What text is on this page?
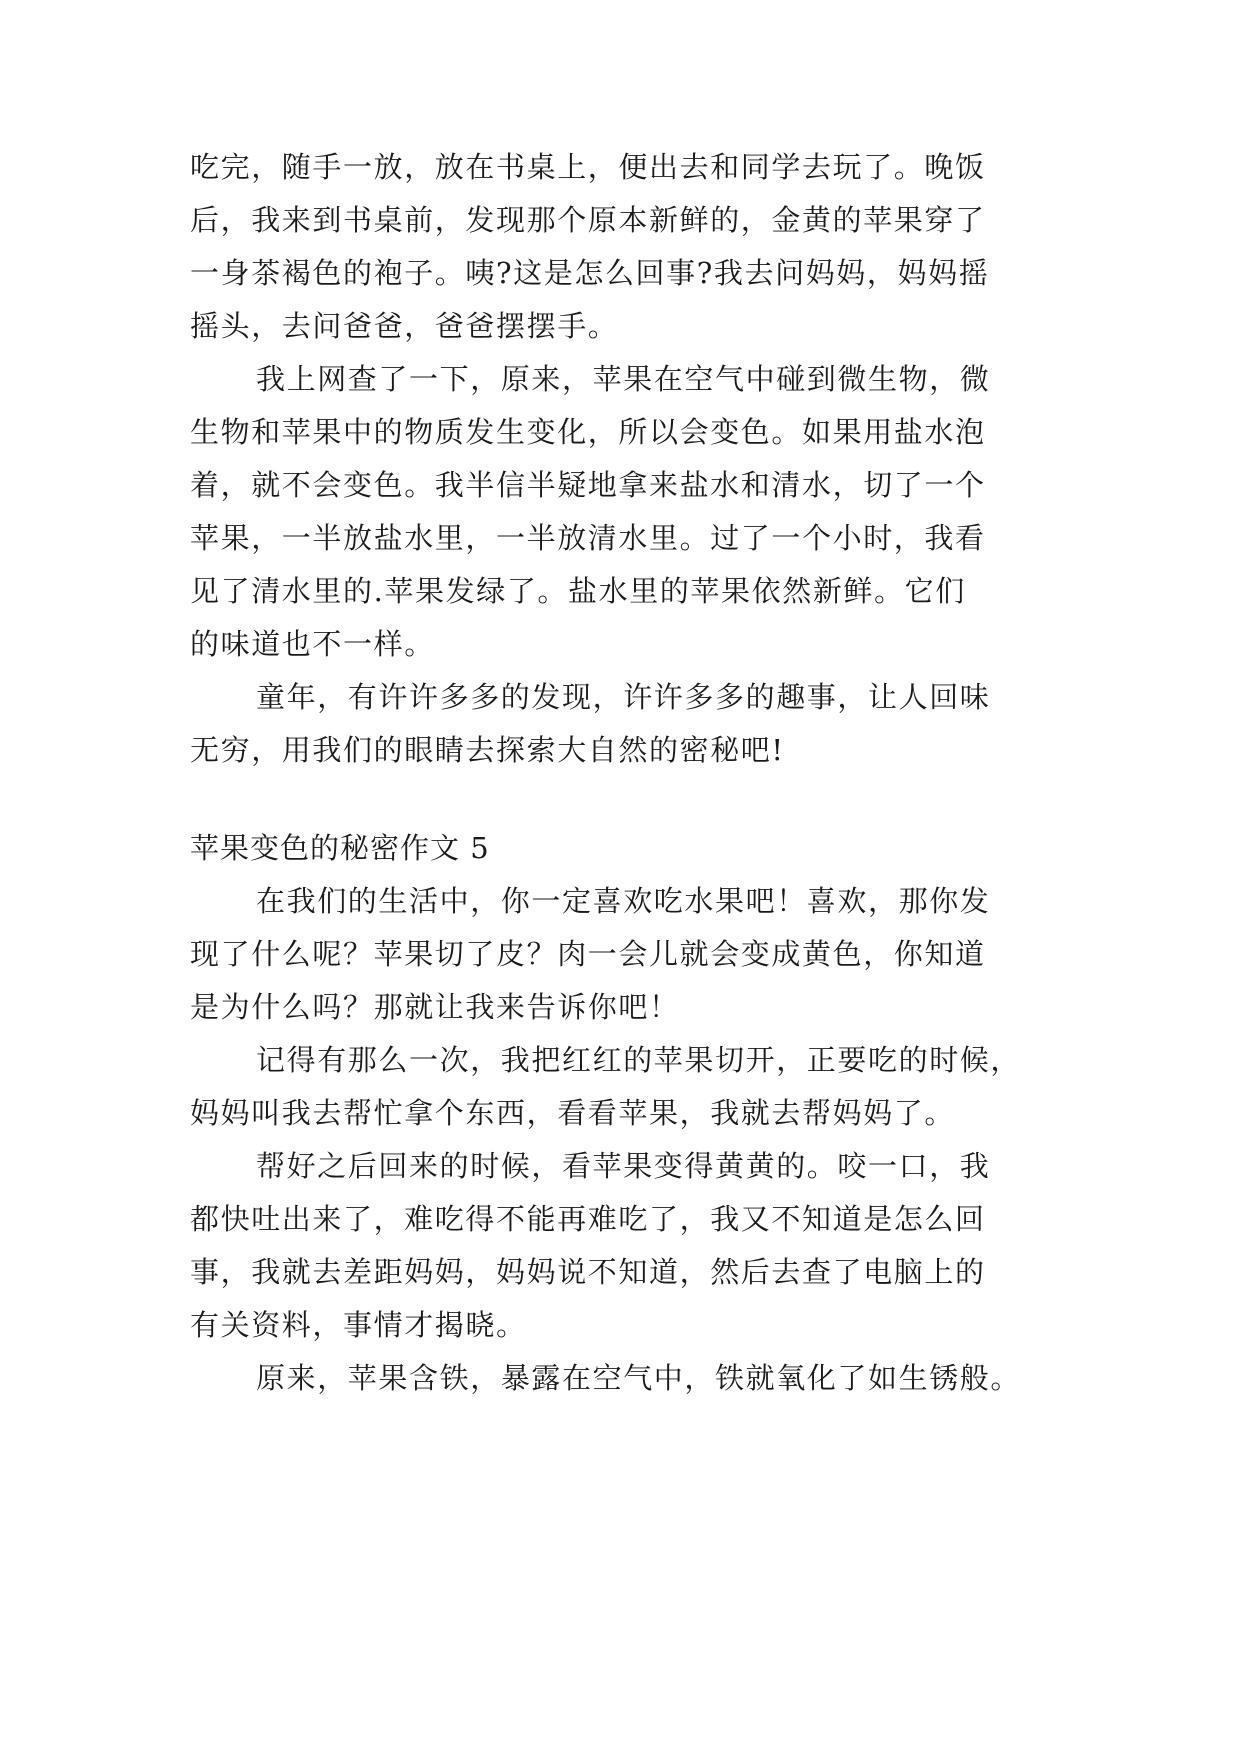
吃完，随手一放，放在书桌上，便出去和同学去玩了。晚饭
后，我来到书桌前，发现那个原本新鲜的，金黄的苹果穿了
一身茶褐色的袍子。咦?这是怎么回事?我去问妈妈，妈妈摇
摇头，去问爸爸，爸爸摆摆手。
我上网查了一下，原来，苹果在空气中碰到微生物，微
生物和苹果中的物质发生变化，所以会变色。如果用盐水泡
着，就不会变色。我半信半疑地拿来盐水和清水，切了一个
苹果，一半放盐水里，一半放清水里。过了一个小时，我看
见了清水里的.苹果发绿了。盐水里的苹果依然新鲜。它们
的味道也不一样。
童年，有许许多多的发现，许许多多的趣事，让人回味
无穷，用我们的眼睛去探索大自然的密秘吧!
苹果变色的秘密作文 5
在我们的生活中，你一定喜欢吃水果吧！喜欢，那你发
现了什么呢？苹果切了皮？肉一会儿就会变成黄色，你知道
是为什么吗？那就让我来告诉你吧！
记得有那么一次，我把红红的苹果切开，正要吃的时候，
妈妈叫我去帮忙拿个东西，看看苹果，我就去帮妈妈了。
帮好之后回来的时候，看苹果变得黄黄的。咬一口，我
都快吐出来了，难吃得不能再难吃了，我又不知道是怎么回
事，我就去差距妈妈，妈妈说不知道，然后去查了电脑上的
有关资料，事情才揭晓。
原来，苹果含铁，暴露在空气中，铁就氧化了如生锈般。
